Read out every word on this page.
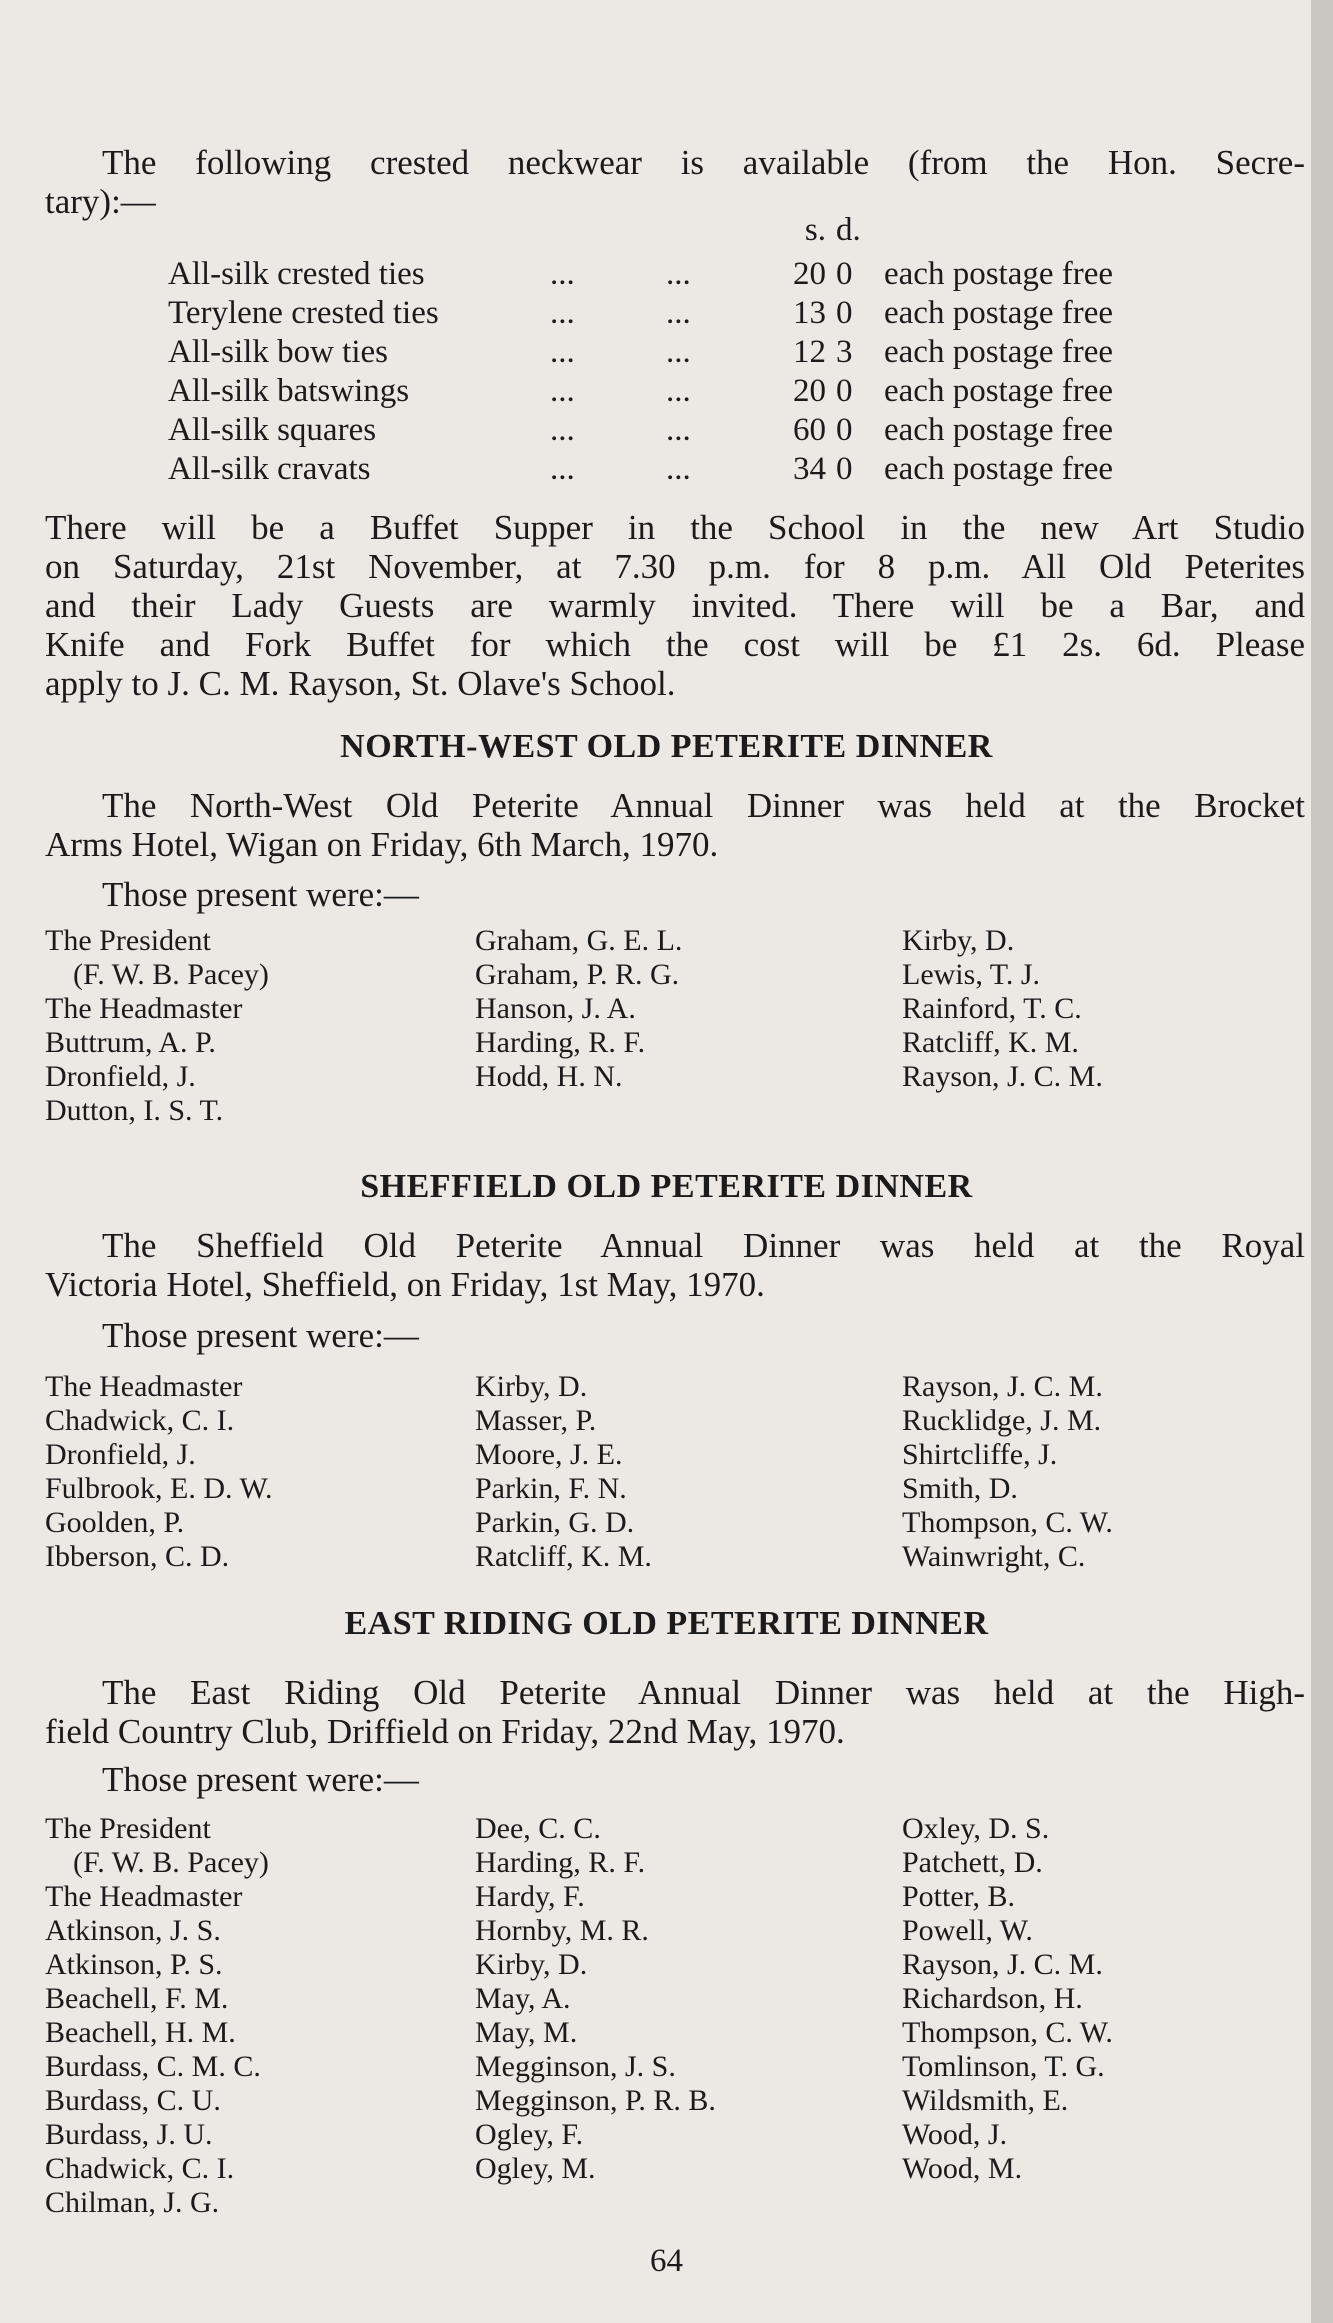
The following crested neckwear is available (from the Hon. Secre-
tary):—
s. d.
All-silk crested ties	...	...	20 0 each postage free
Terylene crested ties	...	...	13 0 each postage free
All-silk bow ties	...	...	12 3 each postage free
All-silk batswings	...	...	20 0 each postage free
All-silk squares	...	...	60 0 each postage free
All-silk cravats	...	...	34 0 each postage free
There will be a Buffet Supper in the School in the new Art Studio
on Saturday, 21st November, at 7.30 p.m. for 8 p.m. All Old Peterites
and their Lady Guests are warmly invited. There will be a Bar, and
Knife and Fork Buffet for which the cost will be £1 2s. 6d. Please
apply to J. C. M. Rayson, St. Olave's School.
NORTH-WEST OLD PETERITE DINNER
The North-West Old Peterite Annual Dinner was held at the Brocket
Arms Hotel, Wigan on Friday, 6th March, 1970.
Those present were:—
The President
(F. W. B. Pacey)
The Headmaster
Buttrum, A. P.
Dronfield, J.
Dutton, I. S. T.
Graham, G. E. L.
Graham, P. R. G.
Hanson, J. A.
Harding, R. F.
Hodd, H. N.
Kirby, D.
Lewis, T. J.
Rainford, T. C.
Ratcliff, K. M.
Rayson, J. C. M.
SHEFFIELD OLD PETERITE DINNER
The Sheffield Old Peterite Annual Dinner was held at the Royal
Victoria Hotel, Sheffield, on Friday, 1st May, 1970.
Those present were:—
The Headmaster
Chadwick, C. I.
Dronfield, J.
Fulbrook, E. D. W.
Goolden, P.
Ibberson, C. D.
Kirby, D.
Masser, P.
Moore, J. E.
Parkin, F. N.
Parkin, G. D.
Ratcliff, K. M.
Rayson, J. C. M.
Rucklidge, J. M.
Shirtcliffe, J.
Smith, D.
Thompson, C. W.
Wainwright, C.
EAST RIDING OLD PETERITE DINNER
The East Riding Old Peterite Annual Dinner was held at the High-
field Country Club, Driffield on Friday, 22nd May, 1970.
Those present were:—
The President
(F. W. B. Pacey)
The Headmaster
Atkinson, J. S.
Atkinson, P. S.
Beachell, F. M.
Beachell, H. M.
Burdass, C. M. C.
Burdass, C. U.
Burdass, J. U.
Chadwick, C. I.
Chilman, J. G.
Dee, C. C.
Harding, R. F.
Hardy, F.
Hornby, M. R.
Kirby, D.
May, A.
May, M.
Megginson, J. S.
Megginson, P. R. B.
Ogley, F.
Ogley, M.
Oxley, D. S.
Patchett, D.
Potter, B.
Powell, W.
Rayson, J. C. M.
Richardson, H.
Thompson, C. W.
Tomlinson, T. G.
Wildsmith, E.
Wood, J.
Wood, M.
64
